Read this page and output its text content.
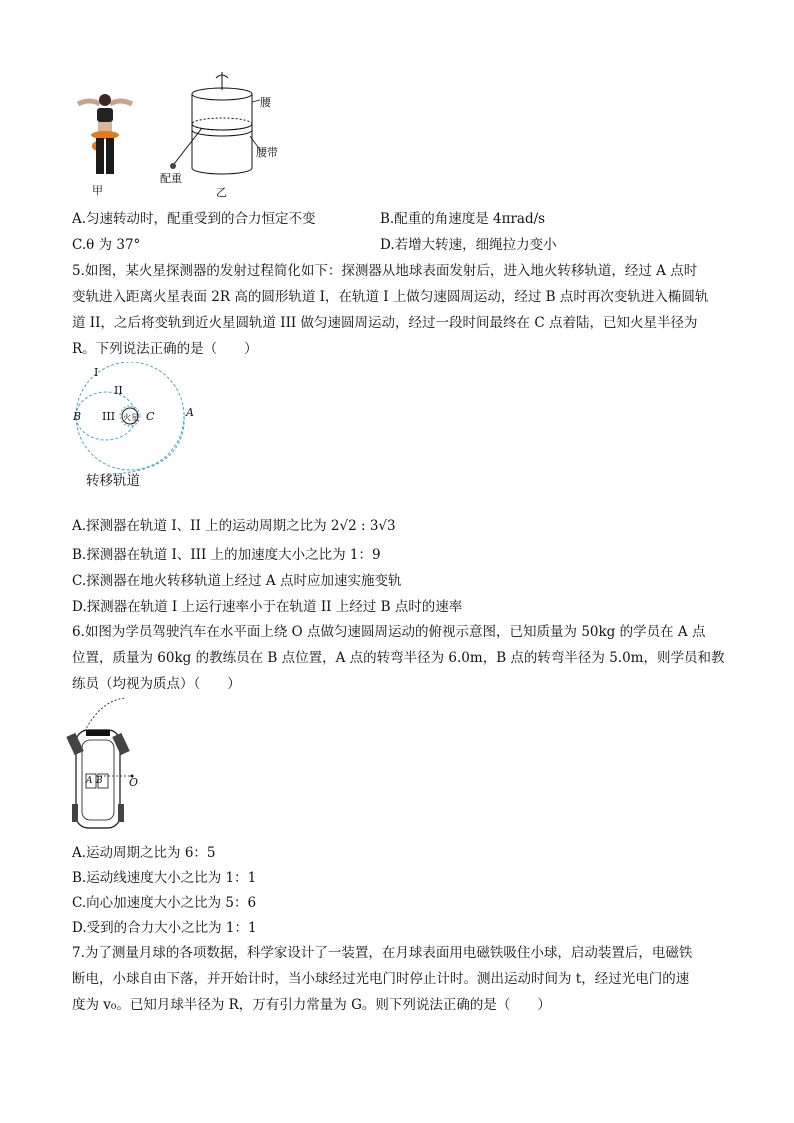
甲
腰
腰带
配重
乙
A.匀速转动时，配重受到的合力恒定不变	B.配重的角速度是 4πrad/s
C.θ 为 37°	D.若增大转速，细绳拉力变小
5.如图，某火星探测器的发射过程简化如下：探测器从地球表面发射后，进入地火转移轨道，经过 A 点时
变轨进入距离火星表面 2R 高的圆形轨道 I，在轨道 I 上做匀速圆周运动，经过 B 点时再次变轨进入椭圆轨
道 II，之后将变轨到近火星圆轨道 III 做匀速圆周运动，经过一段时间最终在 C 点着陆，已知火星半径为
R。下列说法正确的是（　　）
I
II
III 火星
B	C	A
转移轨道
A.探测器在轨道 I、II 上的运动周期之比为 2√2 : 3√3
B.探测器在轨道 I、III 上的加速度大小之比为 1：9
C.探测器在地火转移轨道上经过 A 点时应加速实施变轨
D.探测器在轨道 I 上运行速率小于在轨道 II 上经过 B 点时的速率
6.如图为学员驾驶汽车在水平面上绕 O 点做匀速圆周运动的俯视示意图，已知质量为 50kg 的学员在 A 点
位置，质量为 60kg 的教练员在 B 点位置，A 点的转弯半径为 6.0m，B 点的转弯半径为 5.0m，则学员和教
练员（均视为质点）（　　）
A B O
A.运动周期之比为 6：5
B.运动线速度大小之比为 1：1
C.向心加速度大小之比为 5：6
D.受到的合力大小之比为 1：1
7.为了测量月球的各项数据，科学家设计了一装置，在月球表面用电磁铁吸住小球，启动装置后，电磁铁
断电，小球自由下落，并开始计时，当小球经过光电门时停止计时。测出运动时间为 t，经过光电门的速
度为 v₀。已知月球半径为 R，万有引力常量为 G。则下列说法正确的是（　　）
